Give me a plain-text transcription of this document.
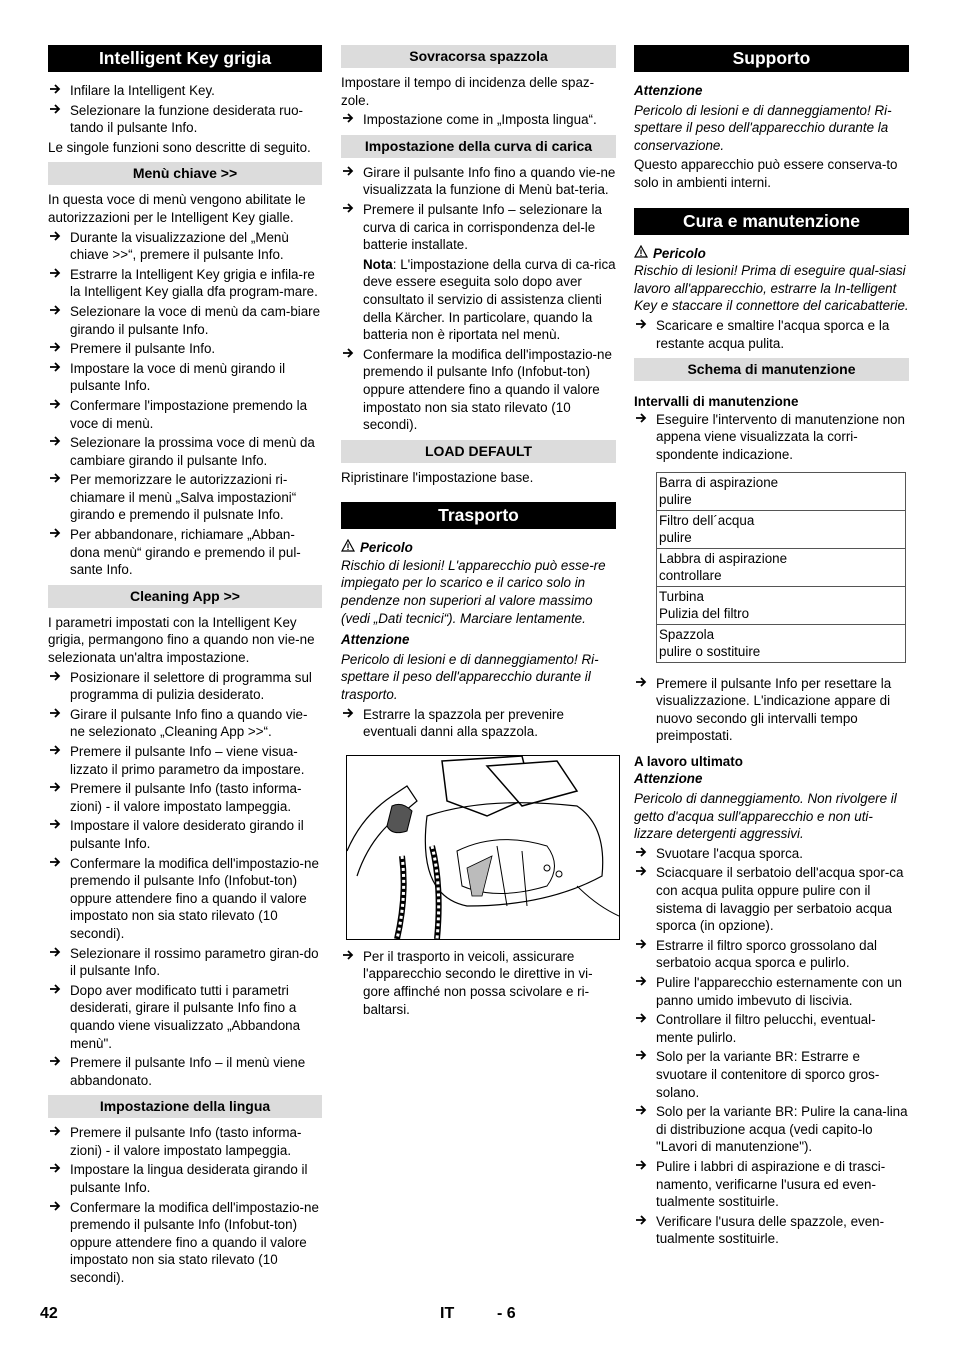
Intelligent Key grigia
Infilare la Intelligent Key.
Selezionare la funzione desiderata ruo-tando il pulsante Info.

Le singole funzioni sono descritte di seguito.

Menù chiave >>

In questa voce di menù vengono abilitate le autorizzazioni per le Intelligent Key gialle.

Durante la visualizzazione del „Menù chiave >>“, premere il pulsante Info.
Estrarre la Intelligent Key grigia e infila-re la Intelligent Key gialla dfa program-mare.
Selezionare la voce di menù da cam-biare girando il pulsante Info.
Premere il pulsante Info.
Impostare la voce di menù girando il pulsante Info.
Confermare l'impostazione premendo la voce di menù.
Selezionare la prossima voce di menù da cambiare girando il pulsante Info.
Per memorizzare le autorizzazioni ri-chiamare il menù „Salva impostazioni“ girando e premendo il pulsnate Info.
Per abbandonare, richiamare „Abban-dona menù“ girando e premendo il pul-sante Info.
Cleaning App >>

I parametri impostati con la Intelligent Key grigia, permangono fino a quando non vie-ne selezionata un'altra impostazione.

Posizionare il selettore di programma sul programma di pulizia desiderato.
Girare il pulsante Info fino a quando vie-ne selezionato „Cleaning App >>“.
Premere il pulsante Info – viene visua-lizzato il primo parametro da impostare.
Premere il pulsante Info (tasto informa-zioni) - il valore impostato lampeggia.
Impostare il valore desiderato girando il pulsante Info.
Confermare la modifica dell'impostazio-ne premendo il pulsante Info (Infobut-ton) oppure attendere fino a quando il valore impostato non sia stato rilevato (10 secondi).
Selezionare il rossimo parametro giran-do il pulsante Info.
Dopo aver modificato tutti i parametri desiderati, girare il pulsante Info fino a quando viene visualizzato „Abbandona menù".
Premere il pulsante Info – il menù viene abbandonato.
Impostazione della lingua
Premere il pulsante Info (tasto informa-zioni) - il valore impostato lampeggia.
Impostare la lingua desiderata girando il pulsante Info.
Confermare la modifica dell'impostazio-ne premendo il pulsante Info (Infobut-ton) oppure attendere fino a quando il valore impostato non sia stato rilevato (10 secondi).
Sovracorsa spazzola

Impostare il tempo di incidenza delle spaz-zole.

Impostazione come in „Imposta lingua“.
Impostazione della curva di carica
Girare il pulsante Info fino a quando vie-ne visualizzata la funzione di Menù bat-teria.
Premere il pulsante Info – selezionare la curva di carica in corrispondenza del-le batterie installate.

Nota: L'impostazione della curva di ca-rica deve essere eseguita solo dopo aver consultato il servizio di assistenza clienti della Kärcher. In particolare, quando la batteria non è riportata nel menù.

Confermare la modifica dell'impostazio-ne premendo il pulsante Info (Infobut-ton) oppure attendere fino a quando il valore impostato non sia stato rilevato (10 secondi).
LOAD DEFAULT

Ripristinare l'impostazione base.

Trasporto
Pericolo

Rischio di lesioni! L'apparecchio può esse-re impiegato per lo scarico e il carico solo in pendenze non superiori al valore massimo (vedi „Dati tecnici“). Marciare lentamente.

Attenzione

Pericolo di lesioni e di danneggiamento! Ri-spettare il peso dell'apparecchio durante il trasporto.

Estrarre la spazzola per prevenire eventuali danni alla spazzola.
Per il trasporto in veicoli, assicurare l'apparecchio secondo le direttive in vi-gore affinché non possa scivolare e ri-baltarsi.
Supporto

Attenzione

Pericolo di lesioni e di danneggiamento! Ri-spettare il peso dell'apparecchio durante la conservazione.

Questo apparecchio può essere conserva-to solo in ambienti interni.

Cura e manutenzione
Pericolo

Rischio di lesioni! Prima di eseguire qual-siasi lavoro all'apparecchio, estrarre la In-telligent Key e staccare il connettore del caricabatterie.

Scaricare e smaltire l'acqua sporca e la restante acqua pulita.
Schema di manutenzione

Intervalli di manutenzione

Eseguire l'intervento di manutenzione non appena viene visualizzata la corri-spondente indicazione.
Barra di aspirazione
pulire

Filtro dell´acqua
pulire

Labbra di aspirazione
controllare

Turbina
Pulizia del filtro

Spazzola
pulire o sostituire
Premere il pulsante Info per resettare la visualizzazione. L'indicazione appare di nuovo secondo gli intervalli tempo preimpostati.

A lavoro ultimato

Attenzione

Pericolo di danneggiamento. Non rivolgere il getto d'acqua sull'apparecchio e non uti-lizzare detergenti aggressivi.

Svuotare l'acqua sporca.
Sciacquare il serbatoio dell'acqua spor-ca con acqua pulita oppure pulire con il sistema di lavaggio per serbatoio acqua sporca (in opzione).
Estrarre il filtro sporco grossolano dal serbatoio acqua sporca e pulirlo.
Pulire l'apparecchio esternamente con un panno umido imbevuto di liscivia.
Controllare il filtro pelucchi, eventual-mente pulirlo.
Solo per la variante BR: Estrarre e svuotare il contenitore di sporco gros-solano.
Solo per la variante BR: Pulire la cana-lina di distribuzione acqua (vedi capito-lo "Lavori di manutenzione").
Pulire i labbri di aspirazione e di trasci-namento, verificarne l'usura ed even-tualmente sostituirle.
Verificare l'usura delle spazzole, even-tualmente sostituirle.
42	IT	- 6
